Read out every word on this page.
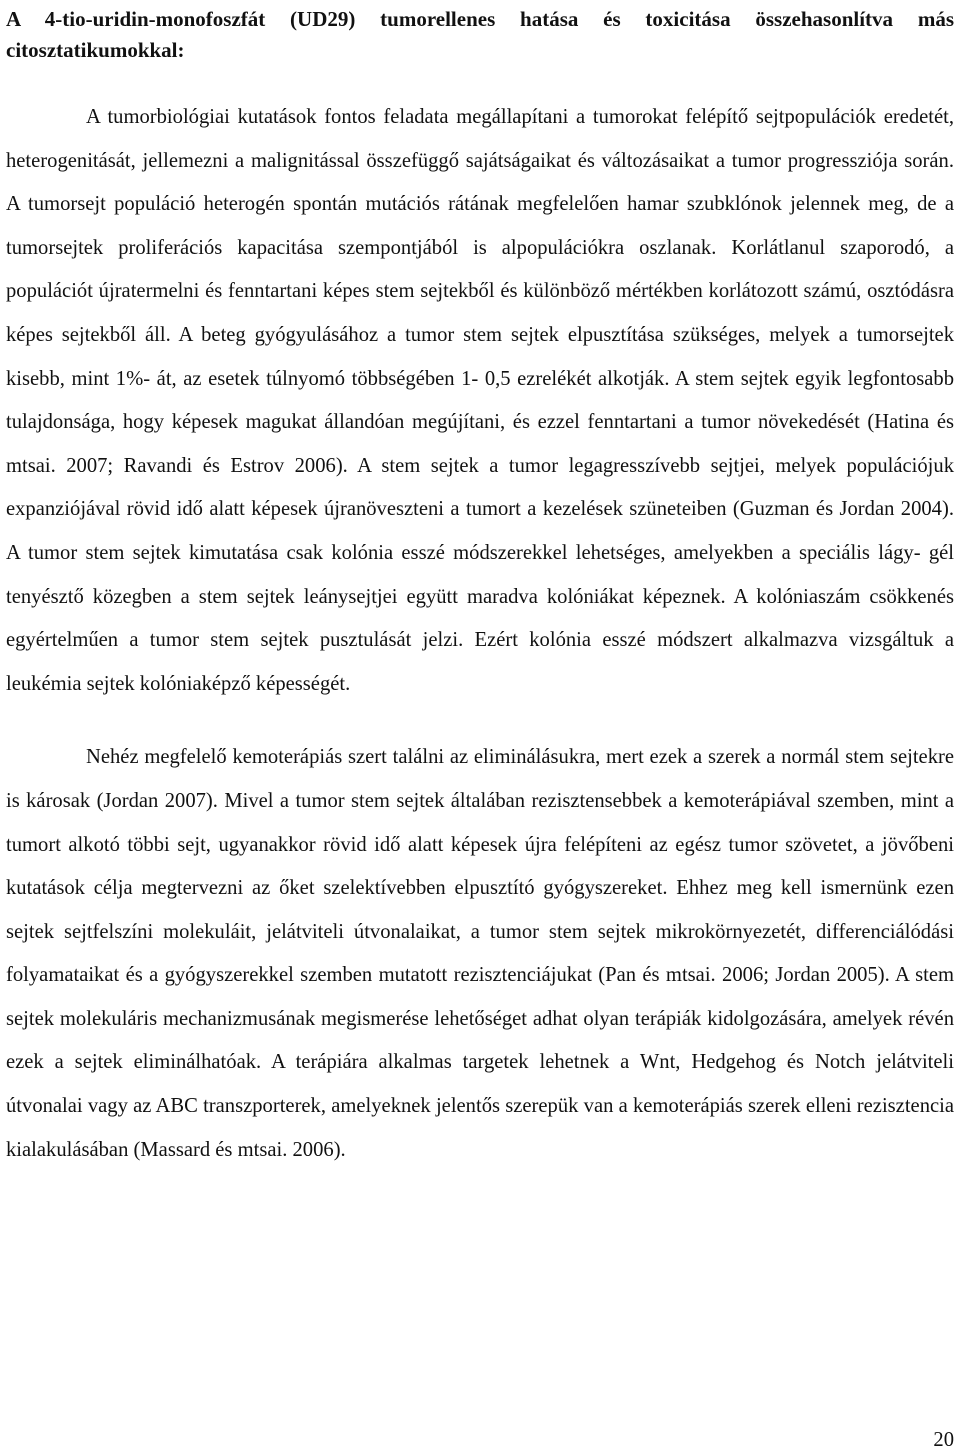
A 4-tio-uridin-monofoszfát (UD29) tumorellenes hatása és toxicitása összehasonlítva más citosztatikumokkal:

A tumorbiológiai kutatások fontos feladata megállapítani a tumorokat felépítő sejtpopulációk eredetét, heterogenitását, jellemezni a malignitással összefüggő sajátságaikat és változásaikat a tumor progressziója során. A tumorsejt populáció heterogén spontán mutációs rátának megfelelően hamar szubklónok jelennek meg, de a tumorsejtek proliferációs kapacitása szempontjából is alpopulációkra oszlanak. Korlátlanul szaporodó, a populációt újratermelni és fenntartani képes stem sejtekből és különböző mértékben korlátozott számú, osztódásra képes sejtekből áll. A beteg gyógyulásához a tumor stem sejtek elpusztítása szükséges, melyek a tumorsejtek kisebb, mint 1%- át, az esetek túlnyomó többségében 1- 0,5 ezrelékét alkotják. A stem sejtek egyik legfontosabb tulajdonsága, hogy képesek magukat állandóan megújítani, és ezzel fenntartani a tumor növekedését (Hatina és mtsai. 2007; Ravandi és Estrov 2006). A stem sejtek a tumor legagresszívebb sejtjei, melyek populációjuk expanziójával rövid idő alatt képesek újranöveszteni a tumort a kezelések szüneteiben (Guzman és Jordan 2004). A tumor stem sejtek kimutatása csak kolónia esszé módszerekkel lehetséges, amelyekben a speciális lágy- gél tenyésztő közegben a stem sejtek leánysejtjei együtt maradva kolóniákat képeznek. A kolóniaszám csökkenés egyértelműen a tumor stem sejtek pusztulását jelzi. Ezért kolónia esszé módszert alkalmazva vizsgáltuk a leukémia sejtek kolóniaképző képességét.

Nehéz megfelelő kemoterápiás szert találni az eliminálásukra, mert ezek a szerek a normál stem sejtekre is károsak (Jordan 2007). Mivel a tumor stem sejtek általában rezisztensebbek a kemoterápiával szemben, mint a tumort alkotó többi sejt, ugyanakkor rövid idő alatt képesek újra felépíteni az egész tumor szövetet, a jövőbeni kutatások célja megtervezni az őket szelektívebben elpusztító gyógyszereket. Ehhez meg kell ismernünk ezen sejtek sejtfelszíni molekuláit, jelátviteli útvonalaikat, a tumor stem sejtek mikrokörnyezetét, differenciálódási folyamataikat és a gyógyszerekkel szemben mutatott rezisztenciájukat (Pan és mtsai. 2006; Jordan 2005). A stem sejtek molekuláris mechanizmusának megismerése lehetőséget adhat olyan terápiák kidolgozására, amelyek révén ezek a sejtek eliminálhatóak. A terápiára alkalmas targetek lehetnek a Wnt, Hedgehog és Notch jelátviteli útvonalai vagy az ABC transzporterek, amelyeknek jelentős szerepük van a kemoterápiás szerek elleni rezisztencia kialakulásában (Massard és mtsai. 2006).

20
